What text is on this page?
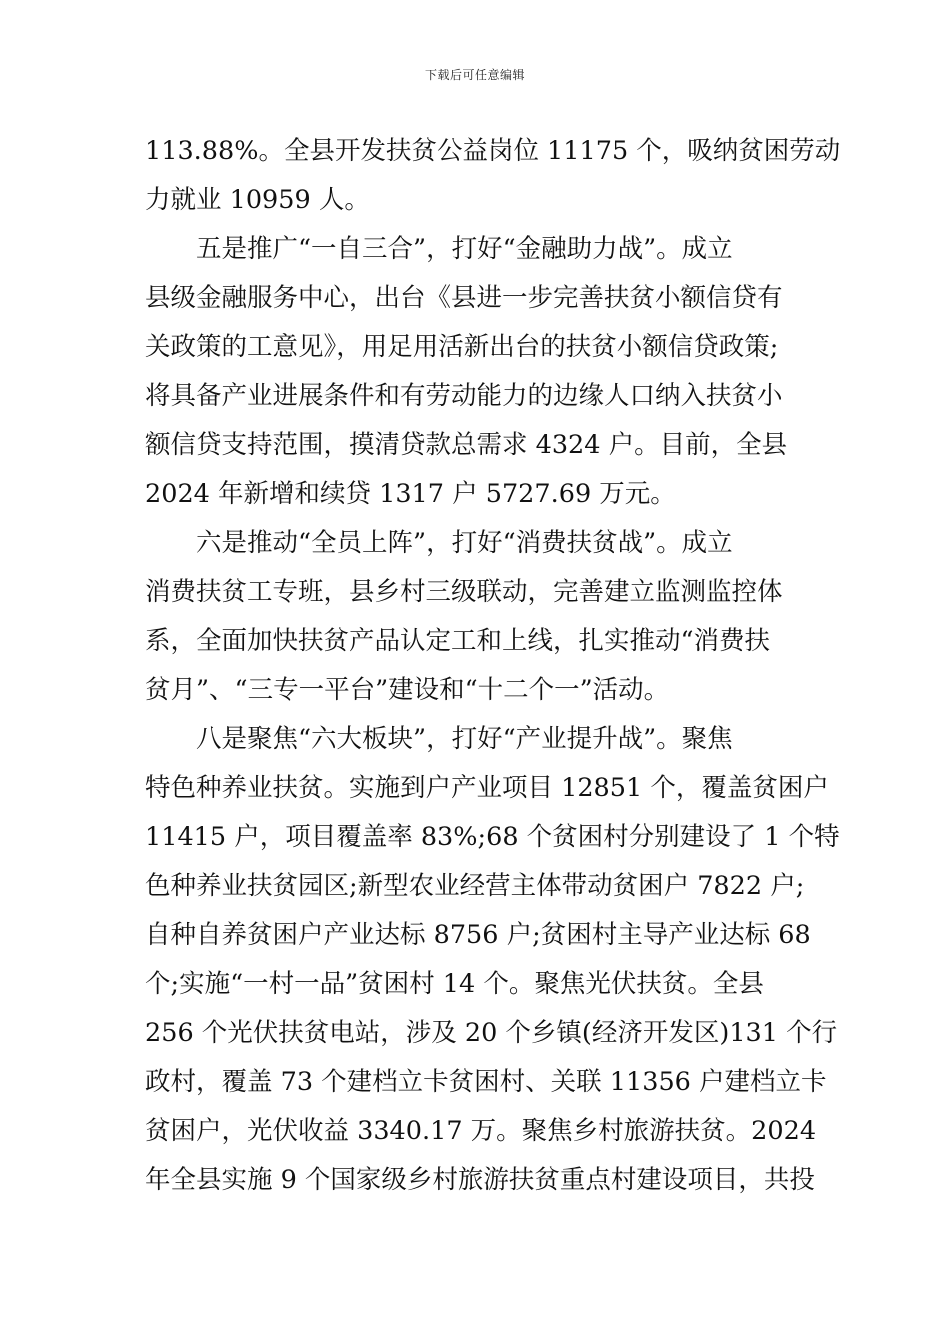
下载后可任意编辑
113.88%。全县开发扶贫公益岗位 11175 个，吸纳贫困劳动
力就业 10959 人。
五是推广“一自三合”，打好“金融助力战”。成立
县级金融服务中心，出台《县进一步完善扶贫小额信贷有
关政策的工意见》，用足用活新出台的扶贫小额信贷政策;
将具备产业进展条件和有劳动能力的边缘人口纳入扶贫小
额信贷支持范围，摸清贷款总需求 4324 户。目前，全县
2024 年新增和续贷 1317 户 5727.69 万元。
六是推动“全员上阵”，打好“消费扶贫战”。成立
消费扶贫工专班，县乡村三级联动，完善建立监测监控体
系，全面加快扶贫产品认定工和上线，扎实推动“消费扶
贫月”、“三专一平台”建设和“十二个一”活动。
八是聚焦“六大板块”，打好“产业提升战”。聚焦
特色种养业扶贫。实施到户产业项目 12851 个，覆盖贫困户
11415 户，项目覆盖率 83%;68 个贫困村分别建设了 1 个特
色种养业扶贫园区;新型农业经营主体带动贫困户 7822 户;
自种自养贫困户产业达标 8756 户;贫困村主导产业达标 68
个;实施“一村一品”贫困村 14 个。聚焦光伏扶贫。全县
256 个光伏扶贫电站，涉及 20 个乡镇(经济开发区)131 个行
政村，覆盖 73 个建档立卡贫困村、关联 11356 户建档立卡
贫困户，光伏收益 3340.17 万。聚焦乡村旅游扶贫。2024
年全县实施 9 个国家级乡村旅游扶贫重点村建设项目，共投
